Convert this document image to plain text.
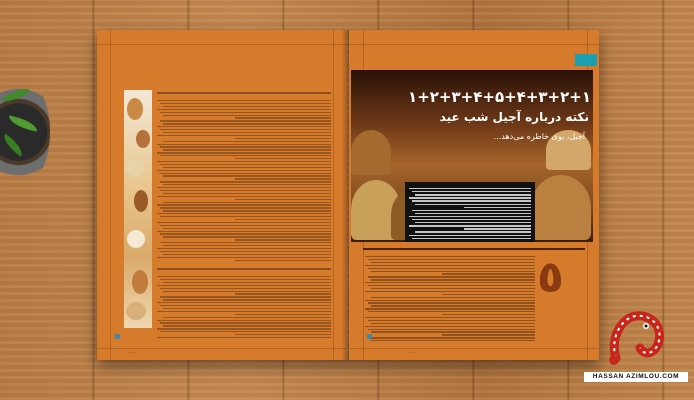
.........
۱+۲+۳+۴+۵+۴+۳+۲+۱
نکته درباره آجیل شب عید
آجیل، بوی خاطره می‌دهد...
٥
.........
HASSAN AZIMLOU.COM
